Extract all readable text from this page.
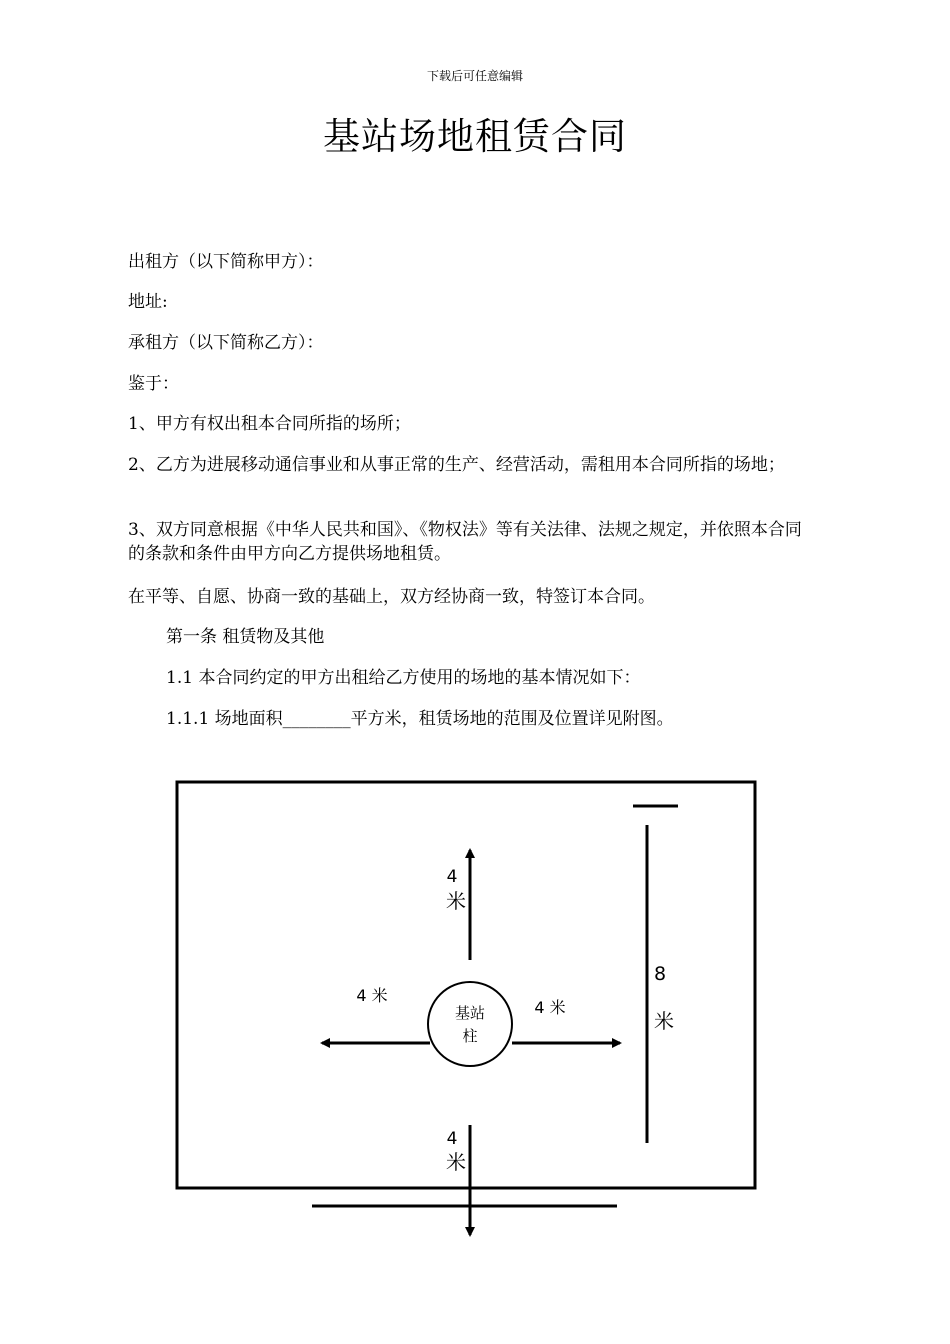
下载后可任意编辑
基站场地租赁合同
出租方（以下简称甲方）：
地址:
承租方（以下简称乙方）：
鉴于：
1、甲方有权出租本合同所指的场所；
2、乙方为进展移动通信事业和从事正常的生产、经营活动，需租用本合同所指的场地；
3、双方同意根据《中华人民共和国》、《物权法》等有关法律、法规之规定，并依照本合同的条款和条件由甲方向乙方提供场地租赁。
在平等、自愿、协商一致的基础上，双方经协商一致，特签订本合同。
第一条 租赁物及其他
1.1 本合同约定的甲方出租给乙方使用的场地的基本情况如下：
1.1.1 场地面积________平方米，租赁场地的范围及位置详见附图。
基站
柱
4
米
4 米
4 米
8
米
4
米
